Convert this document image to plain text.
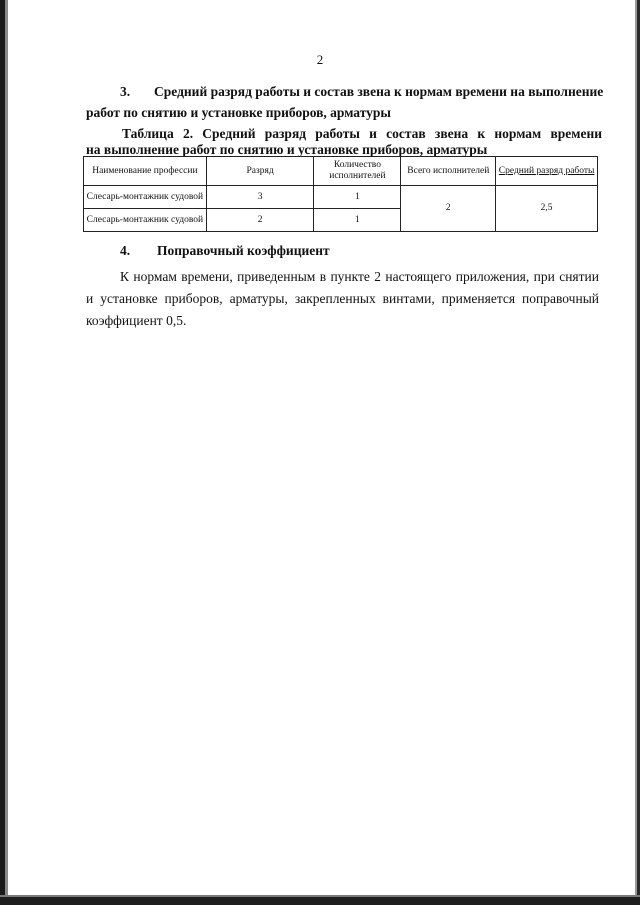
2
3. Средний разряд работы и состав звена к нормам времени на выполнение
работ по снятию и установке приборов, арматуры
Таблица 2. Средний разряд работы и состав звена к нормам времени
на выполнение работ по снятию и установке приборов, арматуры
Наименование профессии	Разряд	Количество исполнителей	Всего исполнителей	Средний разряд работы
Слесарь-монтажник судовой	3	1	2	2,5
Слесарь-монтажник судовой	2	1		
4. Поправочный коэффициент
К нормам времени, приведенным в пункте 2 настоящего приложения, при снятии
и установке приборов, арматуры, закрепленных винтами, применяется поправочный
коэффициент 0,5.
